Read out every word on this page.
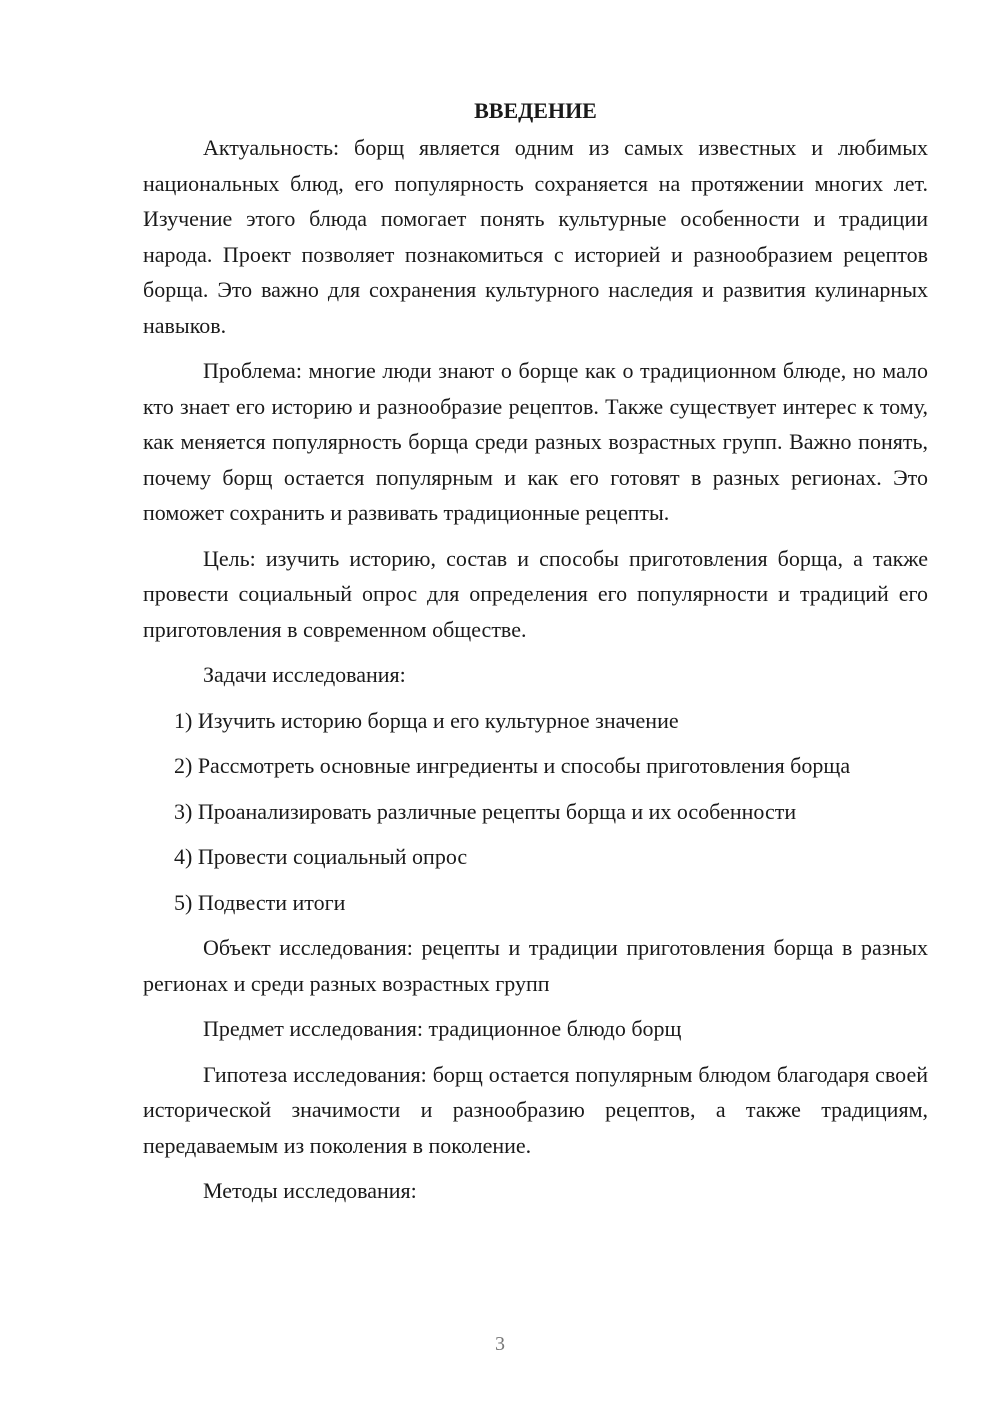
ВВЕДЕНИЕ

Актуальность: борщ является одним из самых известных и любимых национальных блюд, его популярность сохраняется на протяжении многих лет. Изучение этого блюда помогает понять культурные особенности и традиции народа. Проект позволяет познакомиться с историей и разнообразием рецептов борща. Это важно для сохранения культурного наследия и развития кулинарных навыков.

Проблема: многие люди знают о борще как о традиционном блюде, но мало кто знает его историю и разнообразие рецептов. Также существует интерес к тому, как меняется популярность борща среди разных возрастных групп. Важно понять, почему борщ остается популярным и как его готовят в разных регионах. Это поможет сохранить и развивать традиционные рецепты.

Цель: изучить историю, состав и способы приготовления борща, а также провести социальный опрос для определения его популярности и традиций его приготовления в современном обществе.

Задачи исследования:

1) Изучить историю борща и его культурное значение

2) Рассмотреть основные ингредиенты и способы приготовления борща

3) Проанализировать различные рецепты борща и их особенности

4) Провести социальный опрос

5) Подвести итоги

Объект исследования: рецепты и традиции приготовления борща в разных регионах и среди разных возрастных групп

Предмет исследования: традиционное блюдо борщ

Гипотеза исследования: борщ остается популярным блюдом благодаря своей исторической значимости и разнообразию рецептов, а также традициям, передаваемым из поколения в поколение.

Методы исследования:

3
